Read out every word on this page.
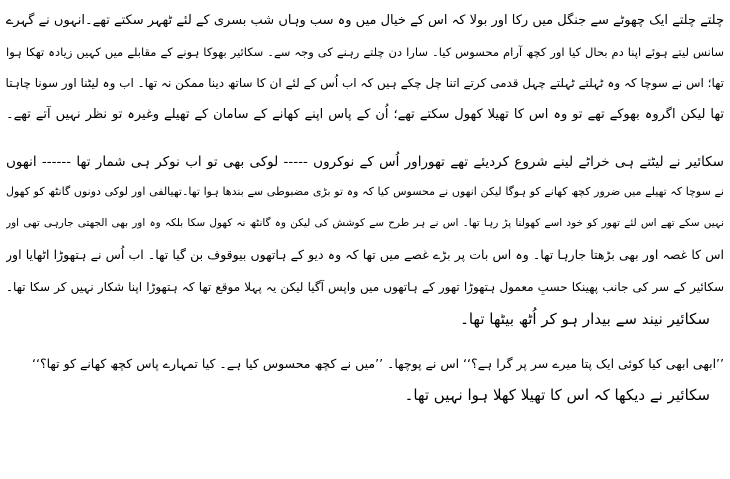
چلتے چلتے ایک چھوٹے سے جنگل میں رکا اور بولا کہ اس کے خیال میں وہ سب وہاں شب بسری کے لئے ٹھہر سکتے تھے۔انہوں نے گہرے
سانس لیتے ہوئے اپنا دم بحال کیا اور کچھ آرام محسوس کیا۔ سارا دن چلتے رہنے کی وجہ سے۔ سکائیر بھوکا ہونے کے مقابلے میں کہیں زیادہ تھکا ہوا
تھا؛ اس نے سوچا کہ وہ ٹہلتے ٹہلتے چہل قدمی کرتے اتنا چل چکے ہیں کہ اب اُس کے لئے ان کا ساتھ دینا ممکن نہ تھا۔ اب وہ لیٹنا اور سونا چاہتا
تھا لیکن اگروہ بھوکے تھے تو وہ اس کا تھیلا کھول سکتے تھے؛ اُن کے پاس اپنے کھانے کے سامان کے تھیلے وغیرہ تو نظر نہیں آتے تھے۔
سکائیر نے لیٹتے ہی خراٹے لینے شروع کردیئے تھے تھوراور اُس کے نوکروں ----- لوکی بھی تو اب نوکر ہی شمار تھا ------ انھوں
نے سوچا کہ تھیلے میں ضرور کچھ کھانے کو ہوگا لیکن انھوں نے محسوس کیا کہ وہ تو بڑی مضبوطی سے بندھا ہوا تھا۔تھیالفی اور لوکی دونوں گانٹھ کو کھول
نہیں سکے تھے اس لئے تھور کو خود اسے کھولنا پڑ رہا تھا۔ اس نے ہر طرح سے کوشش کی لیکن وہ گانٹھ نہ کھول سکا بلکہ وہ اور بھی الجھتی جارہی تھی اور
اس کا غصہ اور بھی بڑھتا جارہا تھا۔ وہ اس بات پر بڑے غصے میں تھا کہ وہ دیو کے ہاتھوں بیوقوف بن گیا تھا۔ اب اُس نے ہتھوڑا اٹھایا اور
سکائیر کے سر کی جانب پھینکا حسبِ معمول ہتھوڑا تھور کے ہاتھوں میں واپس آگیا لیکن یہ پہلا موقع تھا کہ ہتھوڑا اپنا شکار نہیں کر سکا تھا۔
سکائیر نیند سے بیدار ہو کر اُٹھ بیٹھا تھا۔
’’ابھی ابھی کیا کوئی ایک پتا میرے سر پر گرا ہے؟‘‘ اس نے پوچھا۔ ’’میں نے کچھ محسوس کیا ہے۔ کیا تمہارے پاس کچھ کھانے کو تھا؟‘‘
سکائیر نے دیکھا کہ اس کا تھیلا کھلا ہوا نہیں تھا۔
